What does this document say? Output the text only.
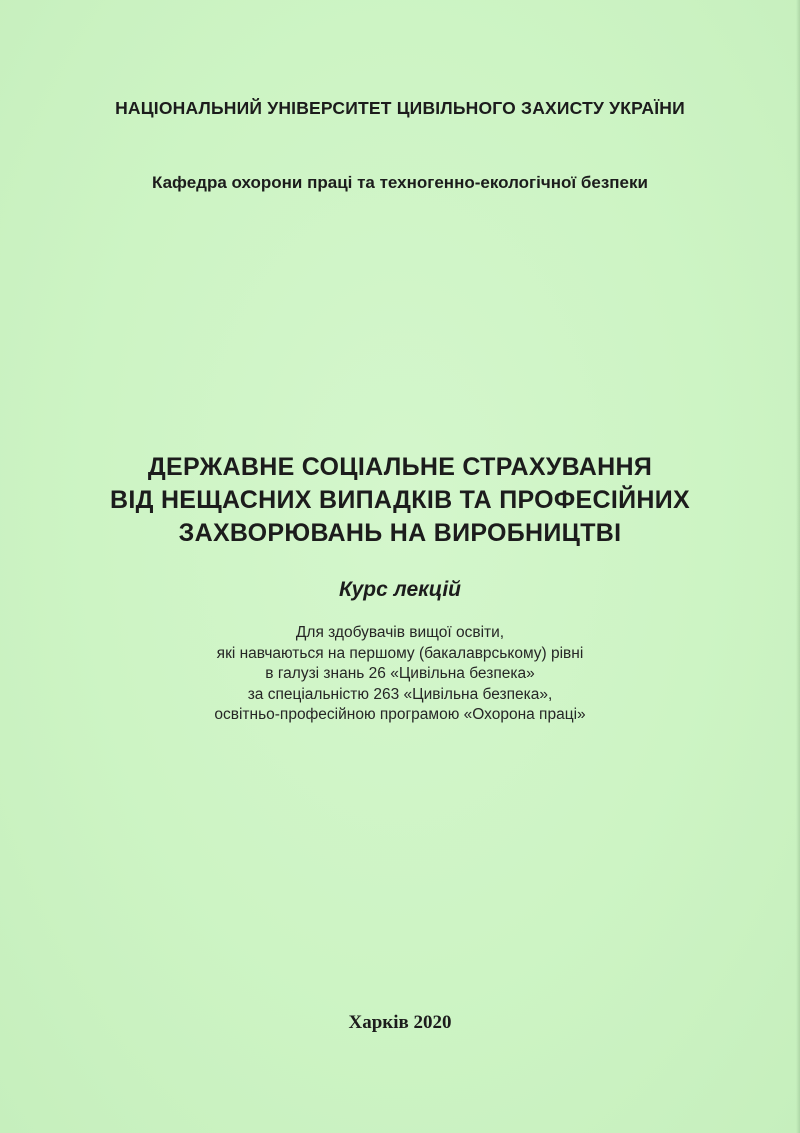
НАЦІОНАЛЬНИЙ УНІВЕРСИТЕТ ЦИВІЛЬНОГО ЗАХИСТУ УКРАЇНИ
Кафедра охорони праці та техногенно-екологічної безпеки
ДЕРЖАВНЕ СОЦІАЛЬНЕ СТРАХУВАННЯ
ВІД НЕЩАСНИХ ВИПАДКІВ ТА ПРОФЕСІЙНИХ
ЗАХВОРЮВАНЬ НА ВИРОБНИЦТВІ
Курс лекцій
Для здобувачів вищої освіти,
які навчаються на першому (бакалаврському) рівні
в галузі знань 26 «Цивільна безпека»
за спеціальністю 263 «Цивільна безпека»,
освітньо-професійною програмою «Охорона праці»
Харків 2020
